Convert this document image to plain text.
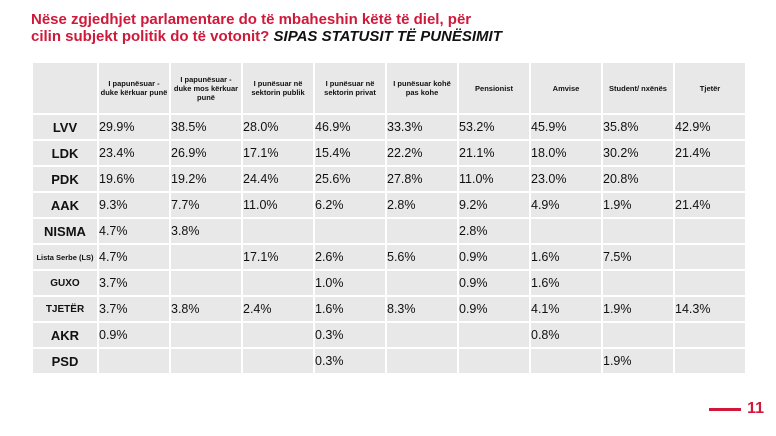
Nëse zgjedhjet parlamentare do të mbaheshin këtë të diel, për
cilin subjekt politik do të votonit? SIPAS STATUSIT TË PUNËSIMIT
	I papunësuar - duke kërkuar punë	I papunësuar - duke mos kërkuar punë	I punësuar në sektorin publik	I punësuar në sektorin privat	I punësuar kohë pas kohe	Pensionist	Amvise	Student/ nxënës	Tjetër
LVV	29.9%	38.5%	28.0%	46.9%	33.3%	53.2%	45.9%	35.8%	42.9%
LDK	23.4%	26.9%	17.1%	15.4%	22.2%	21.1%	18.0%	30.2%	21.4%
PDK	19.6%	19.2%	24.4%	25.6%	27.8%	11.0%	23.0%	20.8%	
AAK	9.3%	7.7%	11.0%	6.2%	2.8%	9.2%	4.9%	1.9%	21.4%
NISMA	4.7%	3.8%				2.8%			
Lista Serbe (LS)	4.7%		17.1%	2.6%	5.6%	0.9%	1.6%	7.5%	
GUXO	3.7%			1.0%		0.9%	1.6%		
TJETËR	3.7%	3.8%	2.4%	1.6%	8.3%	0.9%	4.1%	1.9%	14.3%
AKR	0.9%			0.3%			0.8%		
PSD				0.3%				1.9%	
11
